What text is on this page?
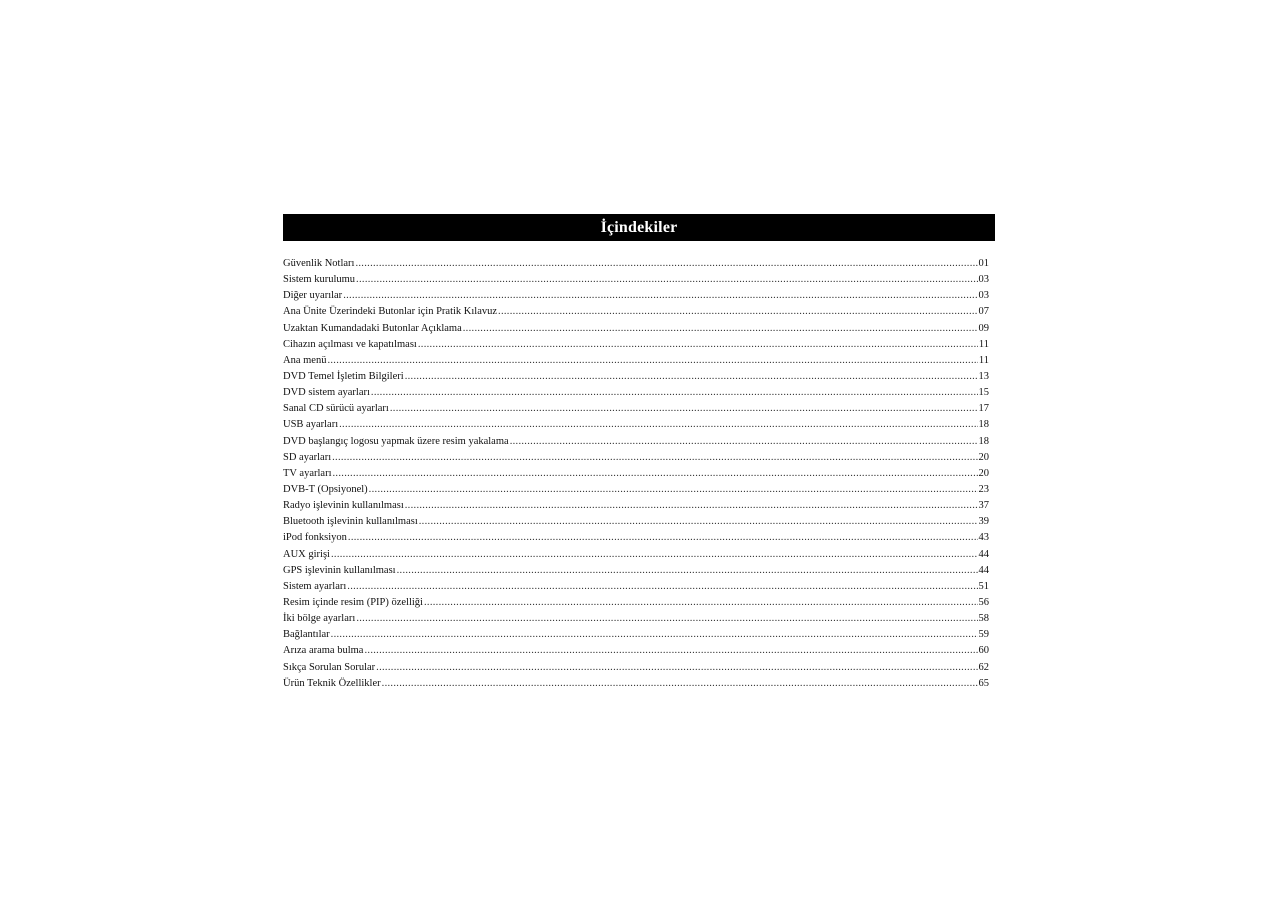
İçindekiler
Güvenlik Notları .....	01
Sistem kurulumu .....	03
Diğer uyarılar .....	03
Ana Ünite Üzerindeki Butonlar için Pratik Kılavuz .....	07
Uzaktan Kumandadaki Butonlar Açıklama .....	09
Cihazın açılması ve kapatılması .....	11
Ana menü .....	11
DVD Temel İşletim Bilgileri .....	13
DVD sistem ayarları .....	15
Sanal CD sürücü ayarları .....	17
USB ayarları .....	18
DVD başlangıç logosu yapmak üzere resim yakalama .....	18
SD ayarları .....	20
TV ayarları .....	20
DVB-T (Opsiyonel) .....	23
Radyo işlevinin kullanılması .....	37
Bluetooth işlevinin kullanılması .....	39
iPod fonksiyon .....	43
AUX girişi .....	44
GPS işlevinin kullanılması .....	44
Sistem ayarları .....	51
Resim içinde resim (PIP) özelliği .....	56
İki bölge ayarları .....	58
Bağlantılar .....	59
Arıza arama bulma .....	60
Sıkça Sorulan Sorular .....	62
Ürün Teknik Özellikler .....	65
